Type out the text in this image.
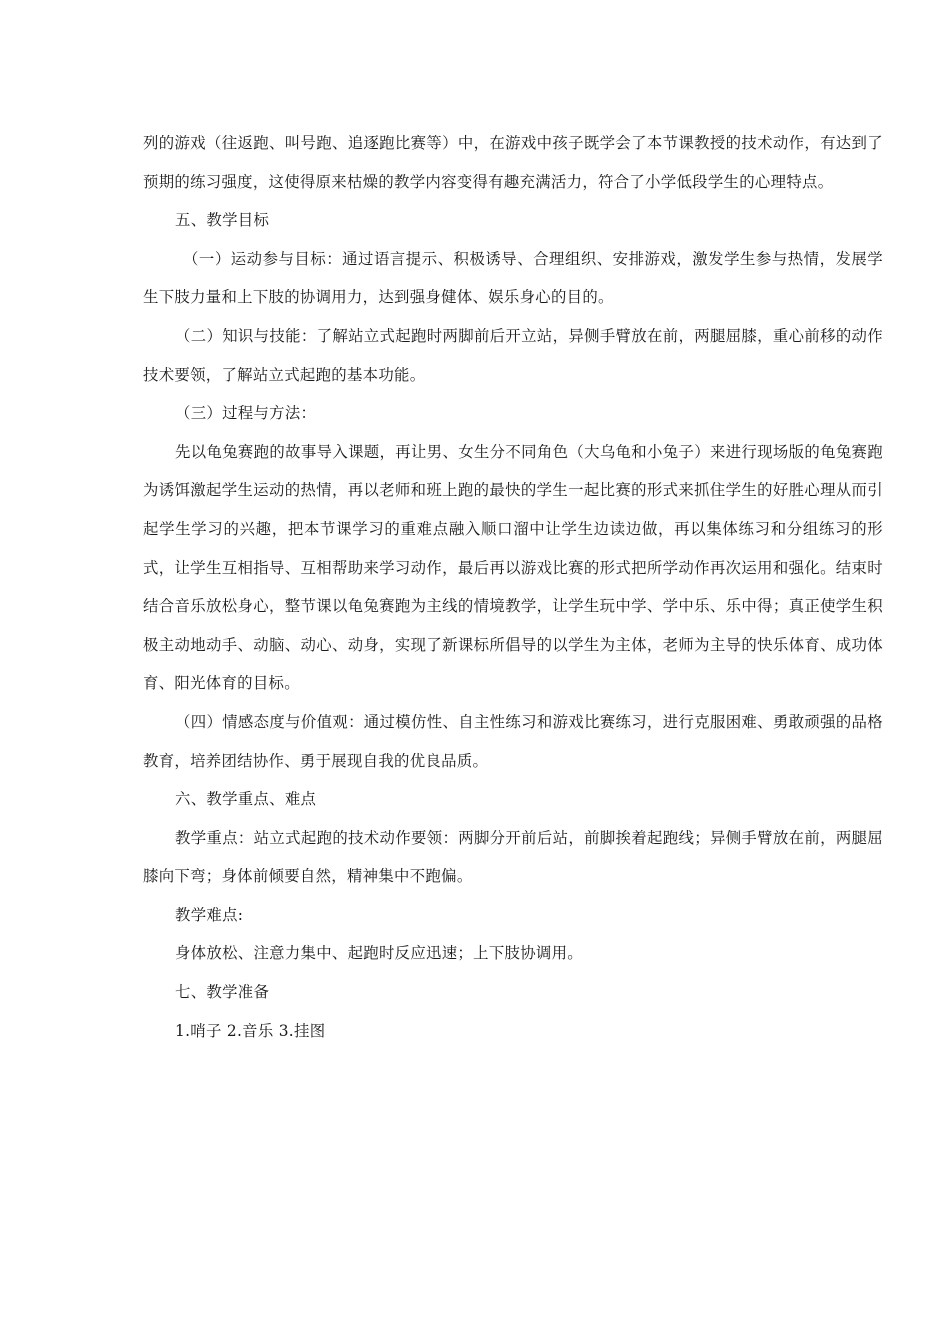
列的游戏（往返跑、叫号跑、追逐跑比赛等）中，在游戏中孩子既学会了本节课教授的技术动作，有达到了预期的练习强度，这使得原来枯燥的教学内容变得有趣充满活力，符合了小学低段学生的心理特点。

五、教学目标

（一）运动参与目标：通过语言提示、积极诱导、合理组织、安排游戏，激发学生参与热情，发展学生下肢力量和上下肢的协调用力，达到强身健体、娱乐身心的目的。

（二）知识与技能：了解站立式起跑时两脚前后开立站，异侧手臂放在前，两腿屈膝，重心前移的动作技术要领，了解站立式起跑的基本功能。

（三）过程与方法：

先以龟兔赛跑的故事导入课题，再让男、女生分不同角色（大乌龟和小兔子）来进行现场版的龟兔赛跑为诱饵激起学生运动的热情，再以老师和班上跑的最快的学生一起比赛的形式来抓住学生的好胜心理从而引起学生学习的兴趣，把本节课学习的重难点融入顺口溜中让学生边读边做，再以集体练习和分组练习的形式，让学生互相指导、互相帮助来学习动作，最后再以游戏比赛的形式把所学动作再次运用和强化。结束时结合音乐放松身心，整节课以龟兔赛跑为主线的情境教学，让学生玩中学、学中乐、乐中得；真正使学生积极主动地动手、动脑、动心、动身，实现了新课标所倡导的以学生为主体，老师为主导的快乐体育、成功体育、阳光体育的目标。

（四）情感态度与价值观：通过模仿性、自主性练习和游戏比赛练习，进行克服困难、勇敢顽强的品格教育，培养团结协作、勇于展现自我的优良品质。

六、教学重点、难点

教学重点：站立式起跑的技术动作要领：两脚分开前后站，前脚挨着起跑线；异侧手臂放在前，两腿屈膝向下弯；身体前倾要自然，精神集中不跑偏。

教学难点:

身体放松、注意力集中、起跑时反应迅速；上下肢协调用。

七、教学准备

1.哨子 2.音乐 3.挂图
